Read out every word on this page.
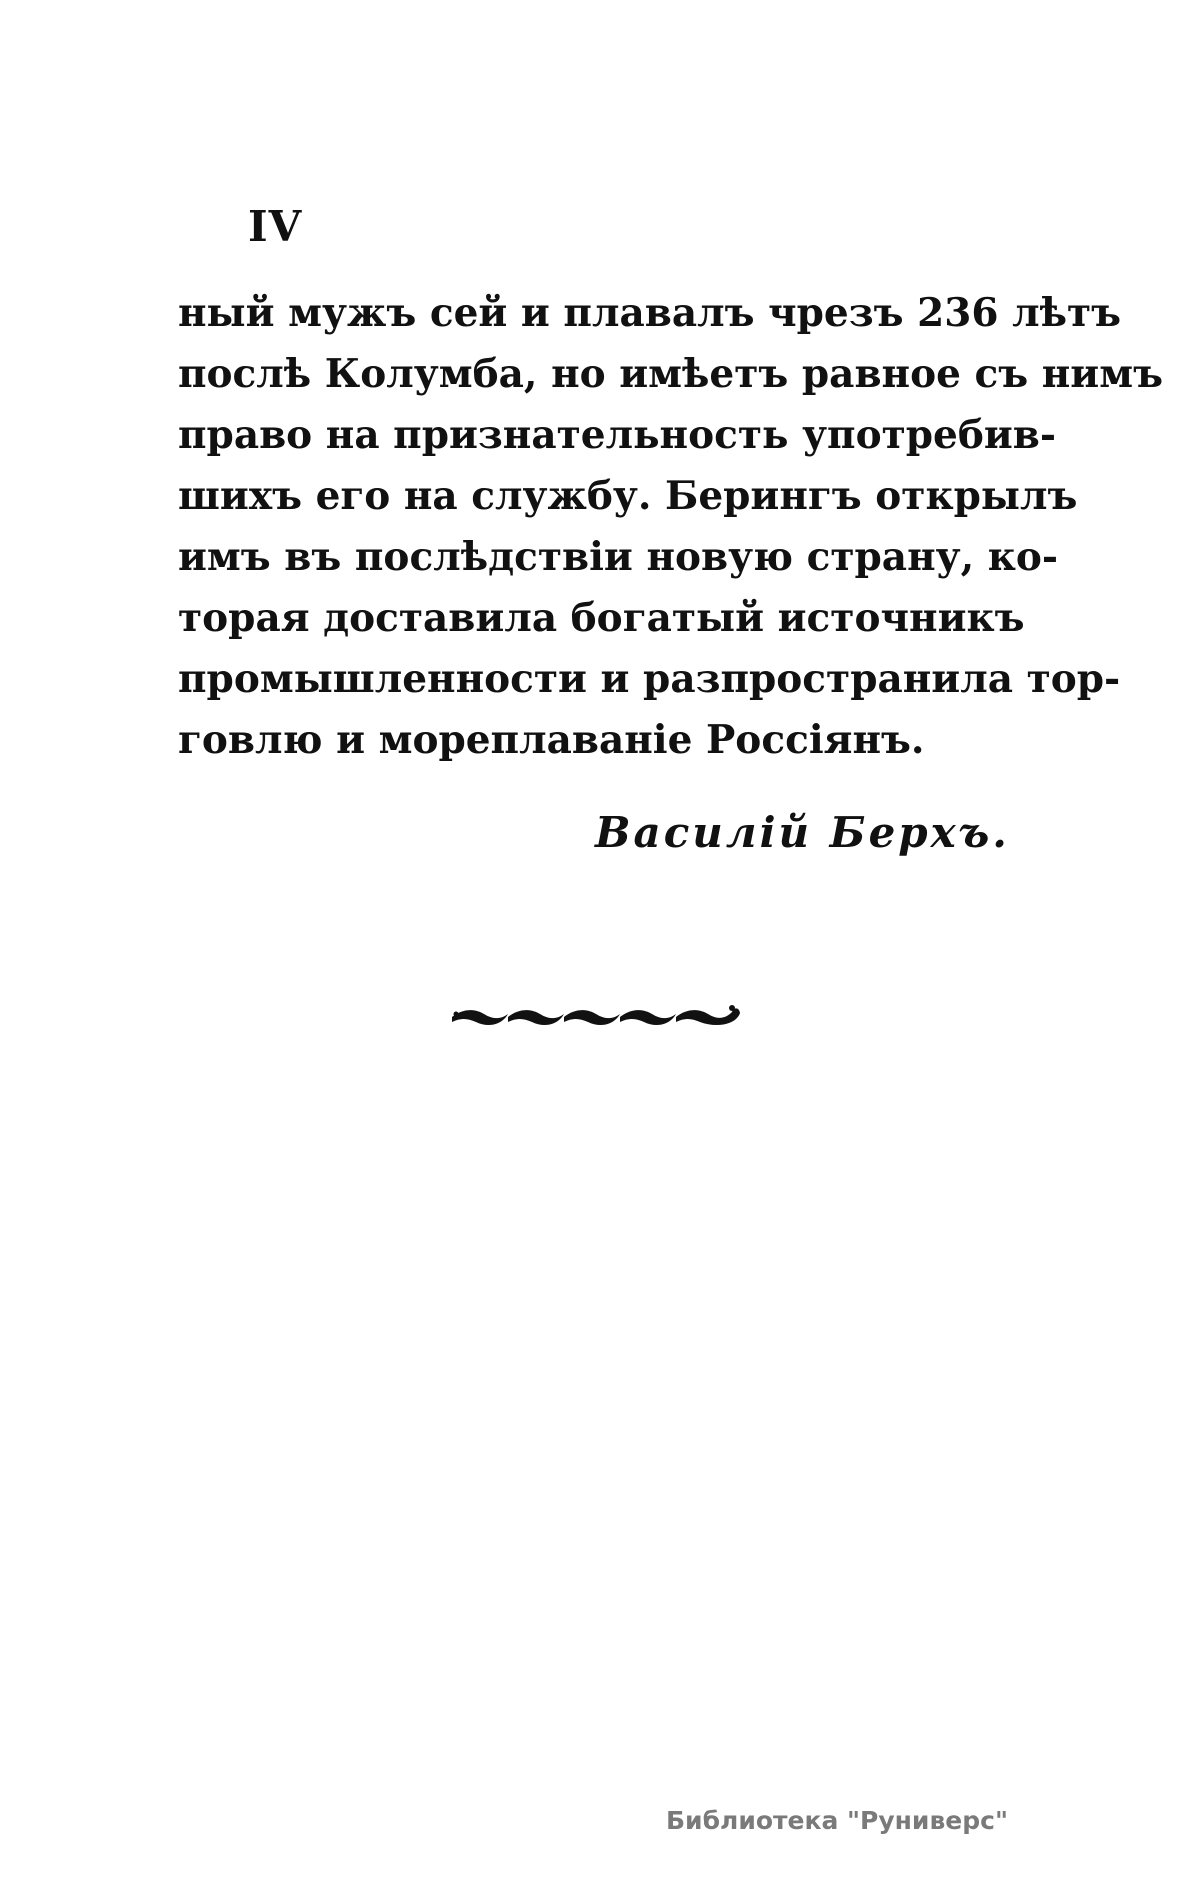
IV
ный мужъ сей и плавалъ чрезъ 236 лѣтъ
послѣ Колумба, но имѣетъ равное съ нимъ
право на признательность употребив-
шихъ его на службу. Берингъ открылъ
имъ въ послѣдствіи новую страну, ко-
торая доставила богатый источникъ
промышленности и разпространила тор-
говлю и мореплаваніе Россіянъ.
Василій Берхъ.
Библиотека "Руниверс"
